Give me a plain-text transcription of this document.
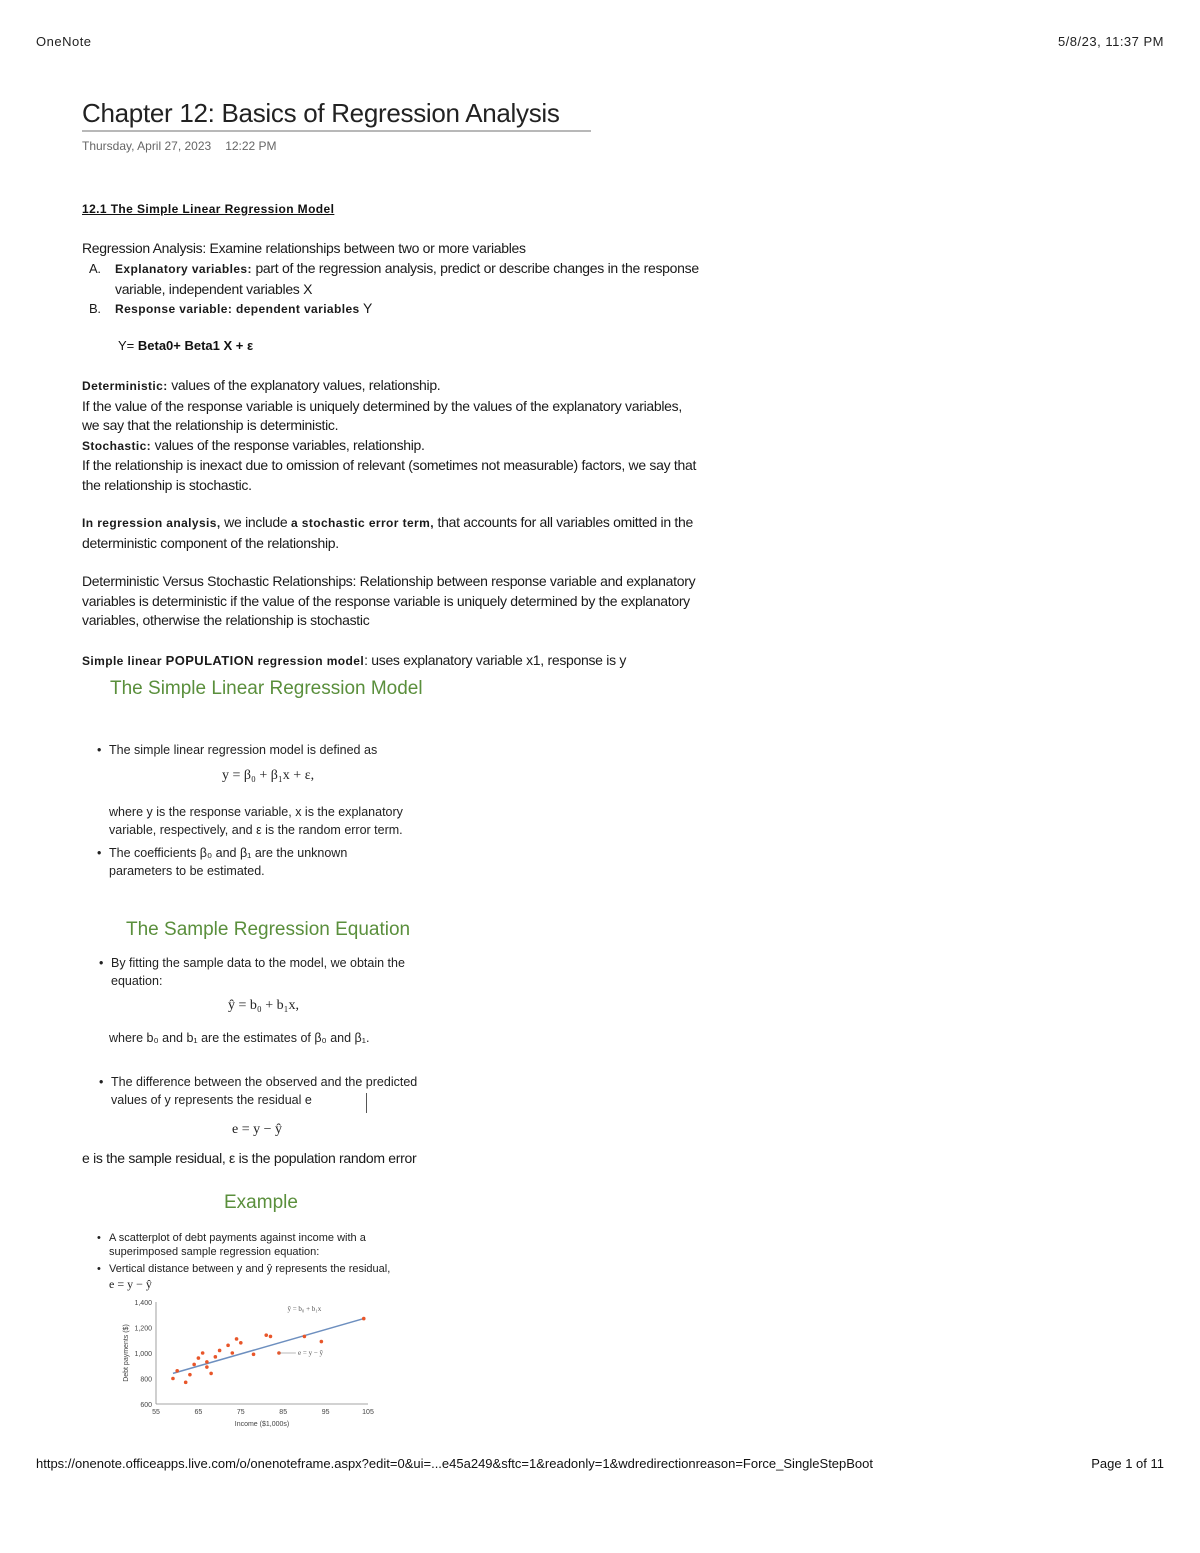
OneNote	5/8/23, 11:37 PM
Chapter 12: Basics of Regression Analysis
Thursday, April 27, 2023 12:22 PM
12.1 The Simple Linear Regression Model
Regression Analysis: Examine relationships between two or more variables
A. Explanatory variables: part of the regression analysis, predict or describe changes in the response variable, independent variables X
B. Response variable: dependent variables Y
Y= Beta0+ Beta1 X + ε
Deterministic: values of the explanatory values, relationship.
If the value of the response variable is uniquely determined by the values of the explanatory variables, we say that the relationship is deterministic.
Stochastic: values of the response variables, relationship.
If the relationship is inexact due to omission of relevant (sometimes not measurable) factors, we say that the relationship is stochastic.
In regression analysis, we include a stochastic error term, that accounts for all variables omitted in the deterministic component of the relationship.
Deterministic Versus Stochastic Relationships: Relationship between response variable and explanatory variables is deterministic if the value of the response variable is uniquely determined by the explanatory variables, otherwise the relationship is stochastic
Simple linear POPULATION regression model: uses explanatory variable x1, response is y
The Simple Linear Regression Model
• The simple linear regression model is defined as
y = β₀ + β₁x + ε,
where y is the response variable, x is the explanatory variable, respectively, and ε is the random error term.
• The coefficients β₀ and β₁ are the unknown parameters to be estimated.
The Sample Regression Equation
• By fitting the sample data to the model, we obtain the equation:
ŷ = b₀ + b₁x,
where b₀ and b₁ are the estimates of β₀ and β₁.
• The difference between the observed and the predicted values of y represents the residual e
e = y − ŷ
e is the sample residual, ε is the population random error
Example
• A scatterplot of debt payments against income with a superimposed sample regression equation:
• Vertical distance between y and ŷ represents the residual,
e = y − ŷ
600
800
1,000
1,200
1,400
55	65	75	85	95	105
Income ($1,000s)
Debt payments ($)
ŷ = b₀ + b₁x
e = y − ŷ
https://onenote.officeapps.live.com/o/onenoteframe.aspx?edit=0&ui=...e45a249&sftc=1&readonly=1&wdredirectionreason=Force_SingleStepBoot	Page 1 of 11
